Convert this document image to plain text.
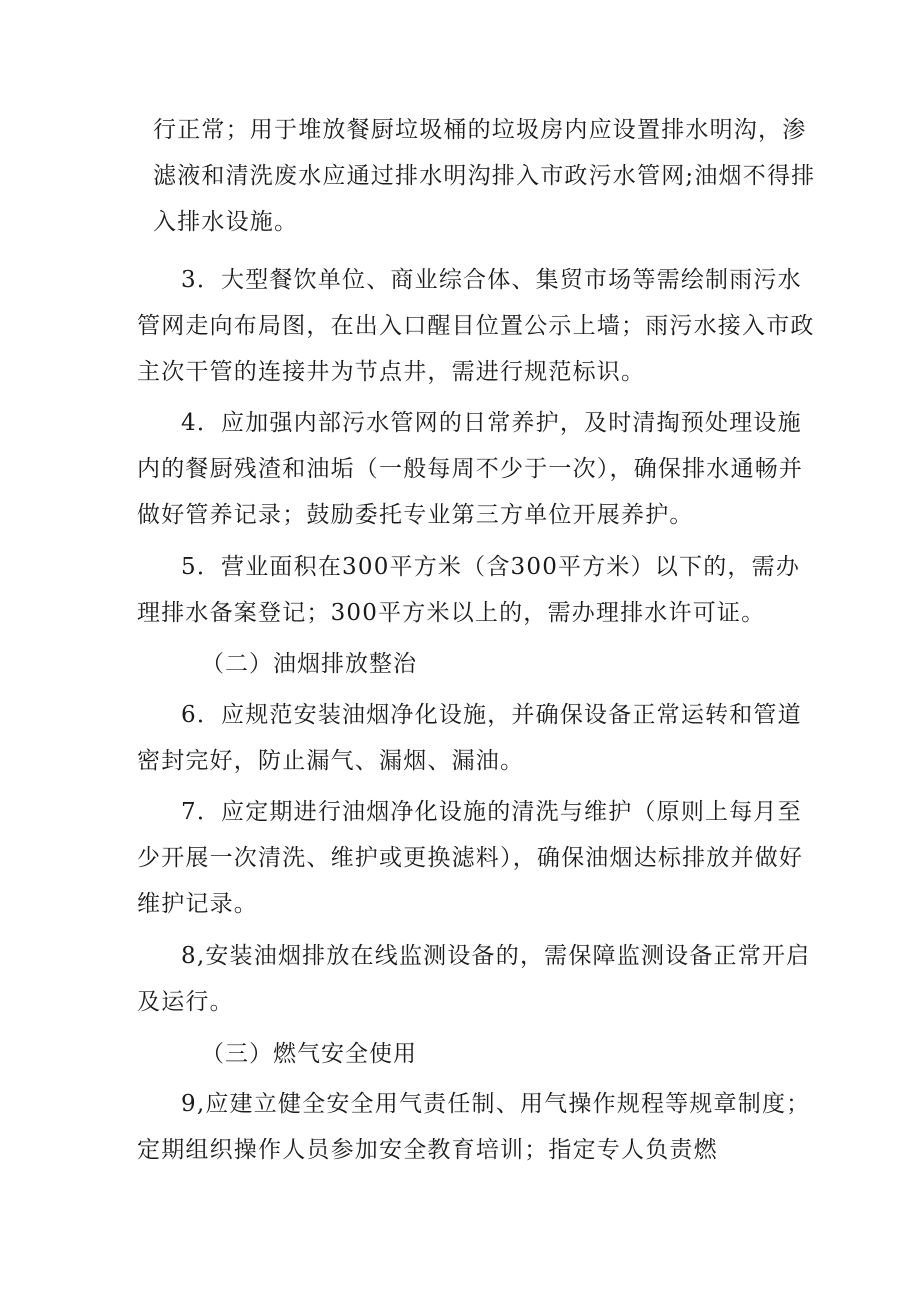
行正常；用于堆放餐厨垃圾桶的垃圾房内应设置排水明沟，渗
滤液和清洗废水应通过排水明沟排入市政污水管网;油烟不得排
入排水设施。
3．大型餐饮单位、商业综合体、集贸市场等需绘制雨污水
管网走向布局图，在出入口醒目位置公示上墙；雨污水接入市政
主次干管的连接井为节点井，需进行规范标识。
4．应加强内部污水管网的日常养护，及时清掏预处理设施
内的餐厨残渣和油垢（一般每周不少于一次），确保排水通畅并
做好管养记录；鼓励委托专业第三方单位开展养护。
5．营业面积在300平方米（含300平方米）以下的，需办
理排水备案登记；300平方米以上的，需办理排水许可证。
（二）油烟排放整治
6．应规范安装油烟净化设施，并确保设备正常运转和管道
密封完好，防止漏气、漏烟、漏油。
7．应定期进行油烟净化设施的清洗与维护（原则上每月至
少开展一次清洗、维护或更换滤料），确保油烟达标排放并做好
维护记录。
8,安装油烟排放在线监测设备的，需保障监测设备正常开启
及运行。
（三）燃气安全使用
9,应建立健全安全用气责任制、用气操作规程等规章制度；
定期组织操作人员参加安全教育培训；指定专人负责燃
